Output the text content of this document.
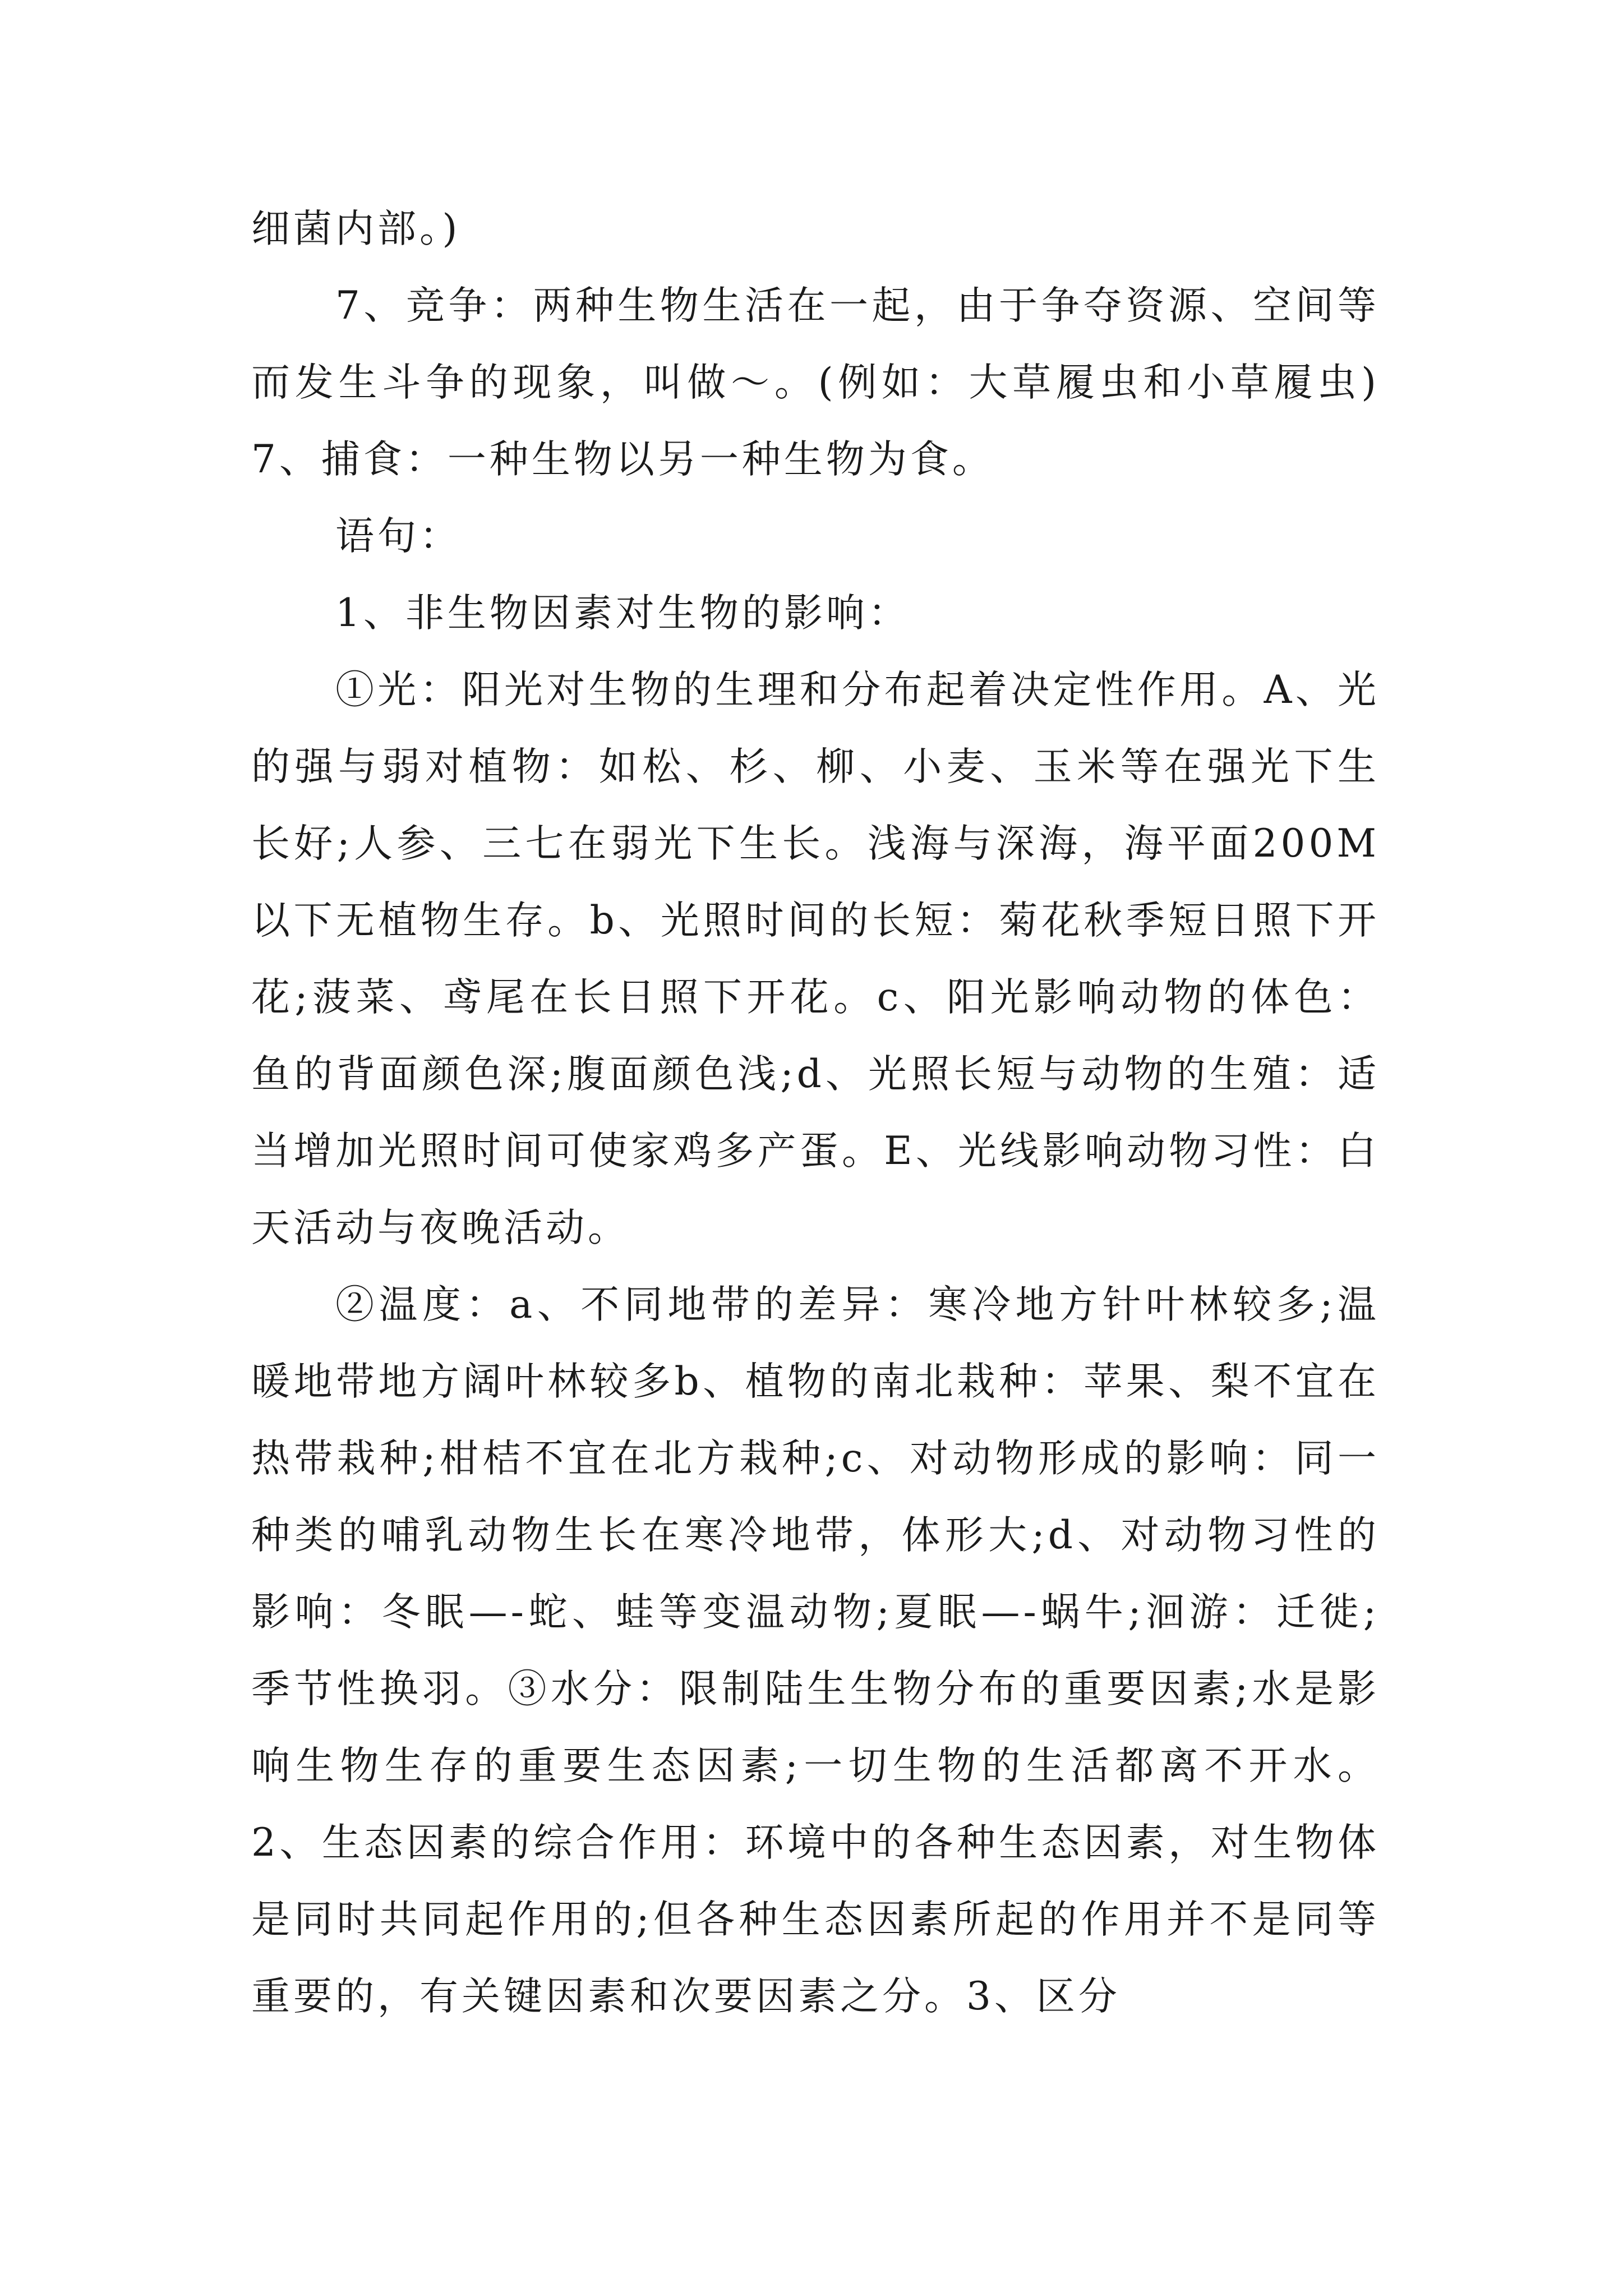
细菌内部。)

7、竞争：两种生物生活在一起，由于争夺资源、空间等而发生斗争的现象，叫做～。(例如：大草履虫和小草履虫)7、捕食：一种生物以另一种生物为食。

语句：

1、非生物因素对生物的影响：

①光：阳光对生物的生理和分布起着决定性作用。A、光的强与弱对植物：如松、杉、柳、小麦、玉米等在强光下生长好;人参、三七在弱光下生长。浅海与深海，海平面200M以下无植物生存。b、光照时间的长短：菊花秋季短日照下开花;菠菜、鸢尾在长日照下开花。c、阳光影响动物的体色：鱼的背面颜色深;腹面颜色浅;d、光照长短与动物的生殖：适当增加光照时间可使家鸡多产蛋。E、光线影响动物习性：白天活动与夜晚活动。

②温度：a、不同地带的差异：寒冷地方针叶林较多;温暖地带地方阔叶林较多b、植物的南北栽种：苹果、梨不宜在热带栽种;柑桔不宜在北方栽种;c、对动物形成的影响：同一种类的哺乳动物生长在寒冷地带，体形大;d、对动物习性的影响：冬眠—-蛇、蛙等变温动物;夏眠—-蜗牛;洄游：迁徙;季节性换羽。③水分：限制陆生生物分布的重要因素;水是影响生物生存的重要生态因素;一切生物的生活都离不开水。2、生态因素的综合作用：环境中的各种生态因素，对生物体是同时共同起作用的;但各种生态因素所起的作用并不是同等重要的，有关键因素和次要因素之分。3、区分
